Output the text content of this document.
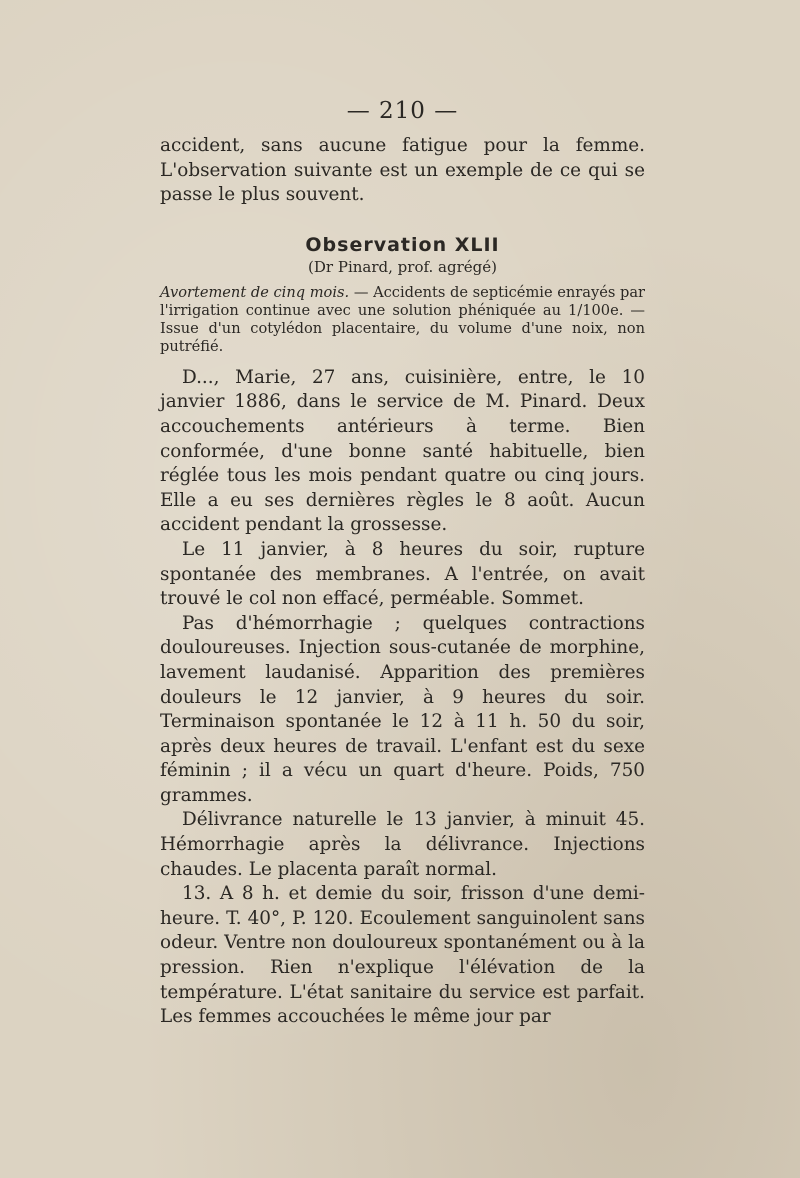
— 210 —

accident, sans aucune fatigue pour la femme. L'observation suivante est un exemple de ce qui se passe le plus souvent.

Observation XLII
(Dr Pinard, prof. agrégé)
Avortement de cinq mois. — Accidents de septicémie enrayés par l'irrigation continue avec une solution phéniquée au 1/100e. — Issue d'un cotylédon placentaire, du volume d'une noix, non putréfié.

D..., Marie, 27 ans, cuisinière, entre, le 10 janvier 1886, dans le service de M. Pinard. Deux accouchements antérieurs à terme. Bien conformée, d'une bonne santé habituelle, bien réglée tous les mois pendant quatre ou cinq jours. Elle a eu ses dernières règles le 8 août. Aucun accident pendant la grossesse.

Le 11 janvier, à 8 heures du soir, rupture spontanée des membranes. A l'entrée, on avait trouvé le col non effacé, perméable. Sommet.

Pas d'hémorrhagie ; quelques contractions douloureuses. Injection sous-cutanée de morphine, lavement laudanisé. Apparition des premières douleurs le 12 janvier, à 9 heures du soir. Terminaison spontanée le 12 à 11 h. 50 du soir, après deux heures de travail. L'enfant est du sexe féminin ; il a vécu un quart d'heure. Poids, 750 grammes.

Délivrance naturelle le 13 janvier, à minuit 45. Hémorrhagie après la délivrance. Injections chaudes. Le placenta paraît normal.

13. A 8 h. et demie du soir, frisson d'une demi-heure. T. 40°, P. 120. Ecoulement sanguinolent sans odeur. Ventre non douloureux spontanément ou à la pression. Rien n'explique l'élévation de la température. L'état sanitaire du service est parfait. Les femmes accouchées le même jour par
